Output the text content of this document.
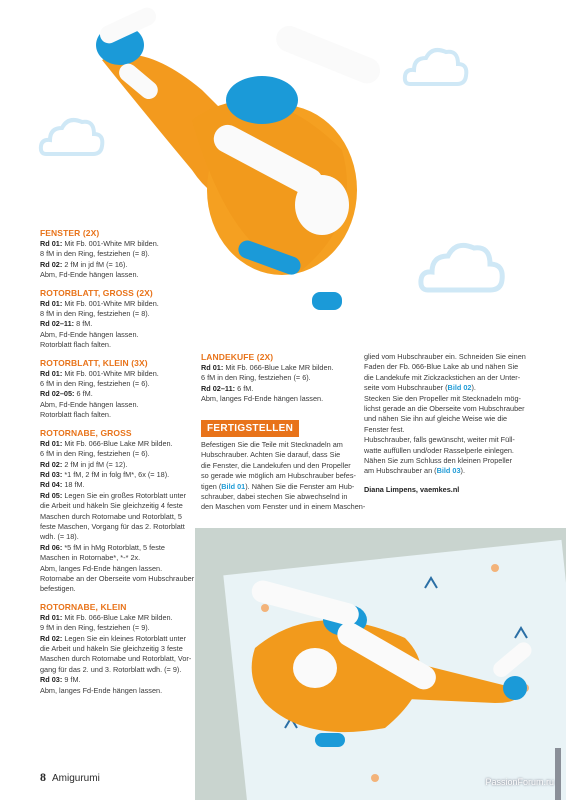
FENSTER (2X)
Rd 01: Mit Fb. 001-White MR bilden.
8 fM in den Ring, festziehen (= 8).
Rd 02: 2 fM in jd fM (= 16).
Abm, Fd-Ende hängen lassen.
ROTORBLATT, GROSS (2X)
Rd 01: Mit Fb. 001-White MR bilden.
8 fM in den Ring, festziehen (= 8).
Rd 02–11: 8 fM.
Abm, Fd-Ende hängen lassen.
Rotorblatt flach falten.
ROTORBLATT, KLEIN (3X)
Rd 01: Mit Fb. 001-White MR bilden.
6 fM in den Ring, festziehen (= 6).
Rd 02–05: 6 fM.
Abm, Fd-Ende hängen lassen.
Rotorblatt flach falten.
ROTORNABE, GROSS
Rd 01: Mit Fb. 066-Blue Lake MR bilden.
6 fM in den Ring, festziehen (= 6).
Rd 02: 2 fM in jd fM (= 12).
Rd 03: *1 fM, 2 fM in folg fM*, 6x (= 18).
Rd 04: 18 fM.
Rd 05: Legen Sie ein großes Rotorblatt unter
die Arbeit und häkeln Sie gleichzeitig 4 feste
Maschen durch Rotornabe und Rotorblatt, 5
feste Maschen, Vorgang für das 2. Rotorblatt
wdh. (= 18).
Rd 06: *5 fM in hMg Rotorblatt, 5 feste
Maschen in Rotornabe*, *-* 2x.
Abm, langes Fd-Ende hängen lassen.
Rotornabe an der Oberseite vom Hubschrauber
befestigen.
ROTORNABE, KLEIN
Rd 01: Mit Fb. 066-Blue Lake MR bilden.
9 fM in den Ring, festziehen (= 9).
Rd 02: Legen Sie ein kleines Rotorblatt unter
die Arbeit und häkeln Sie gleichzeitig 3 feste
Maschen durch Rotornabe und Rotorblatt, Vor-
gang für das 2. und 3. Rotorblatt wdh. (= 9).
Rd 03: 9 fM.
Abm, langes Fd-Ende hängen lassen.
LANDEKUFE (2X)
Rd 01: Mit Fb. 066-Blue Lake MR bilden.
6 fM in den Ring, festziehen (= 6).
Rd 02–11: 6 fM.
Abm, langes Fd-Ende hängen lassen.
FERTIGSTELLEN
Befestigen Sie die Teile mit Stecknadeln am
Hubschrauber. Achten Sie darauf, dass Sie
die Fenster, die Landekufen und den Propeller
so gerade wie möglich am Hubschrauber befes-
tigen (Bild 01). Nähen Sie die Fenster am Hub-
schrauber, dabei stechen Sie abwechselnd in
den Maschen vom Fenster und in einem Maschen-
glied vom Hubschrauber ein. Schneiden Sie einen
Faden der Fb. 066-Blue Lake ab und nähen Sie
die Landekufe mit Zickzackstichen an der Unter-
seite vom Hubschrauber (Bild 02).
Stecken Sie den Propeller mit Stecknadeln mög-
lichst gerade an die Oberseite vom Hubschrauber
und nähen Sie ihn auf gleiche Weise wie die
Fenster fest.
Hubschrauber, falls gewünscht, weiter mit Füll-
watte auffüllen und/oder Rasselperle einlegen.
Nähen Sie zum Schluss den kleinen Propeller
am Hubschrauber an (Bild 03).
Diana Limpens, vaemkes.nl
8 Amigurumi	PassionForum.ru
